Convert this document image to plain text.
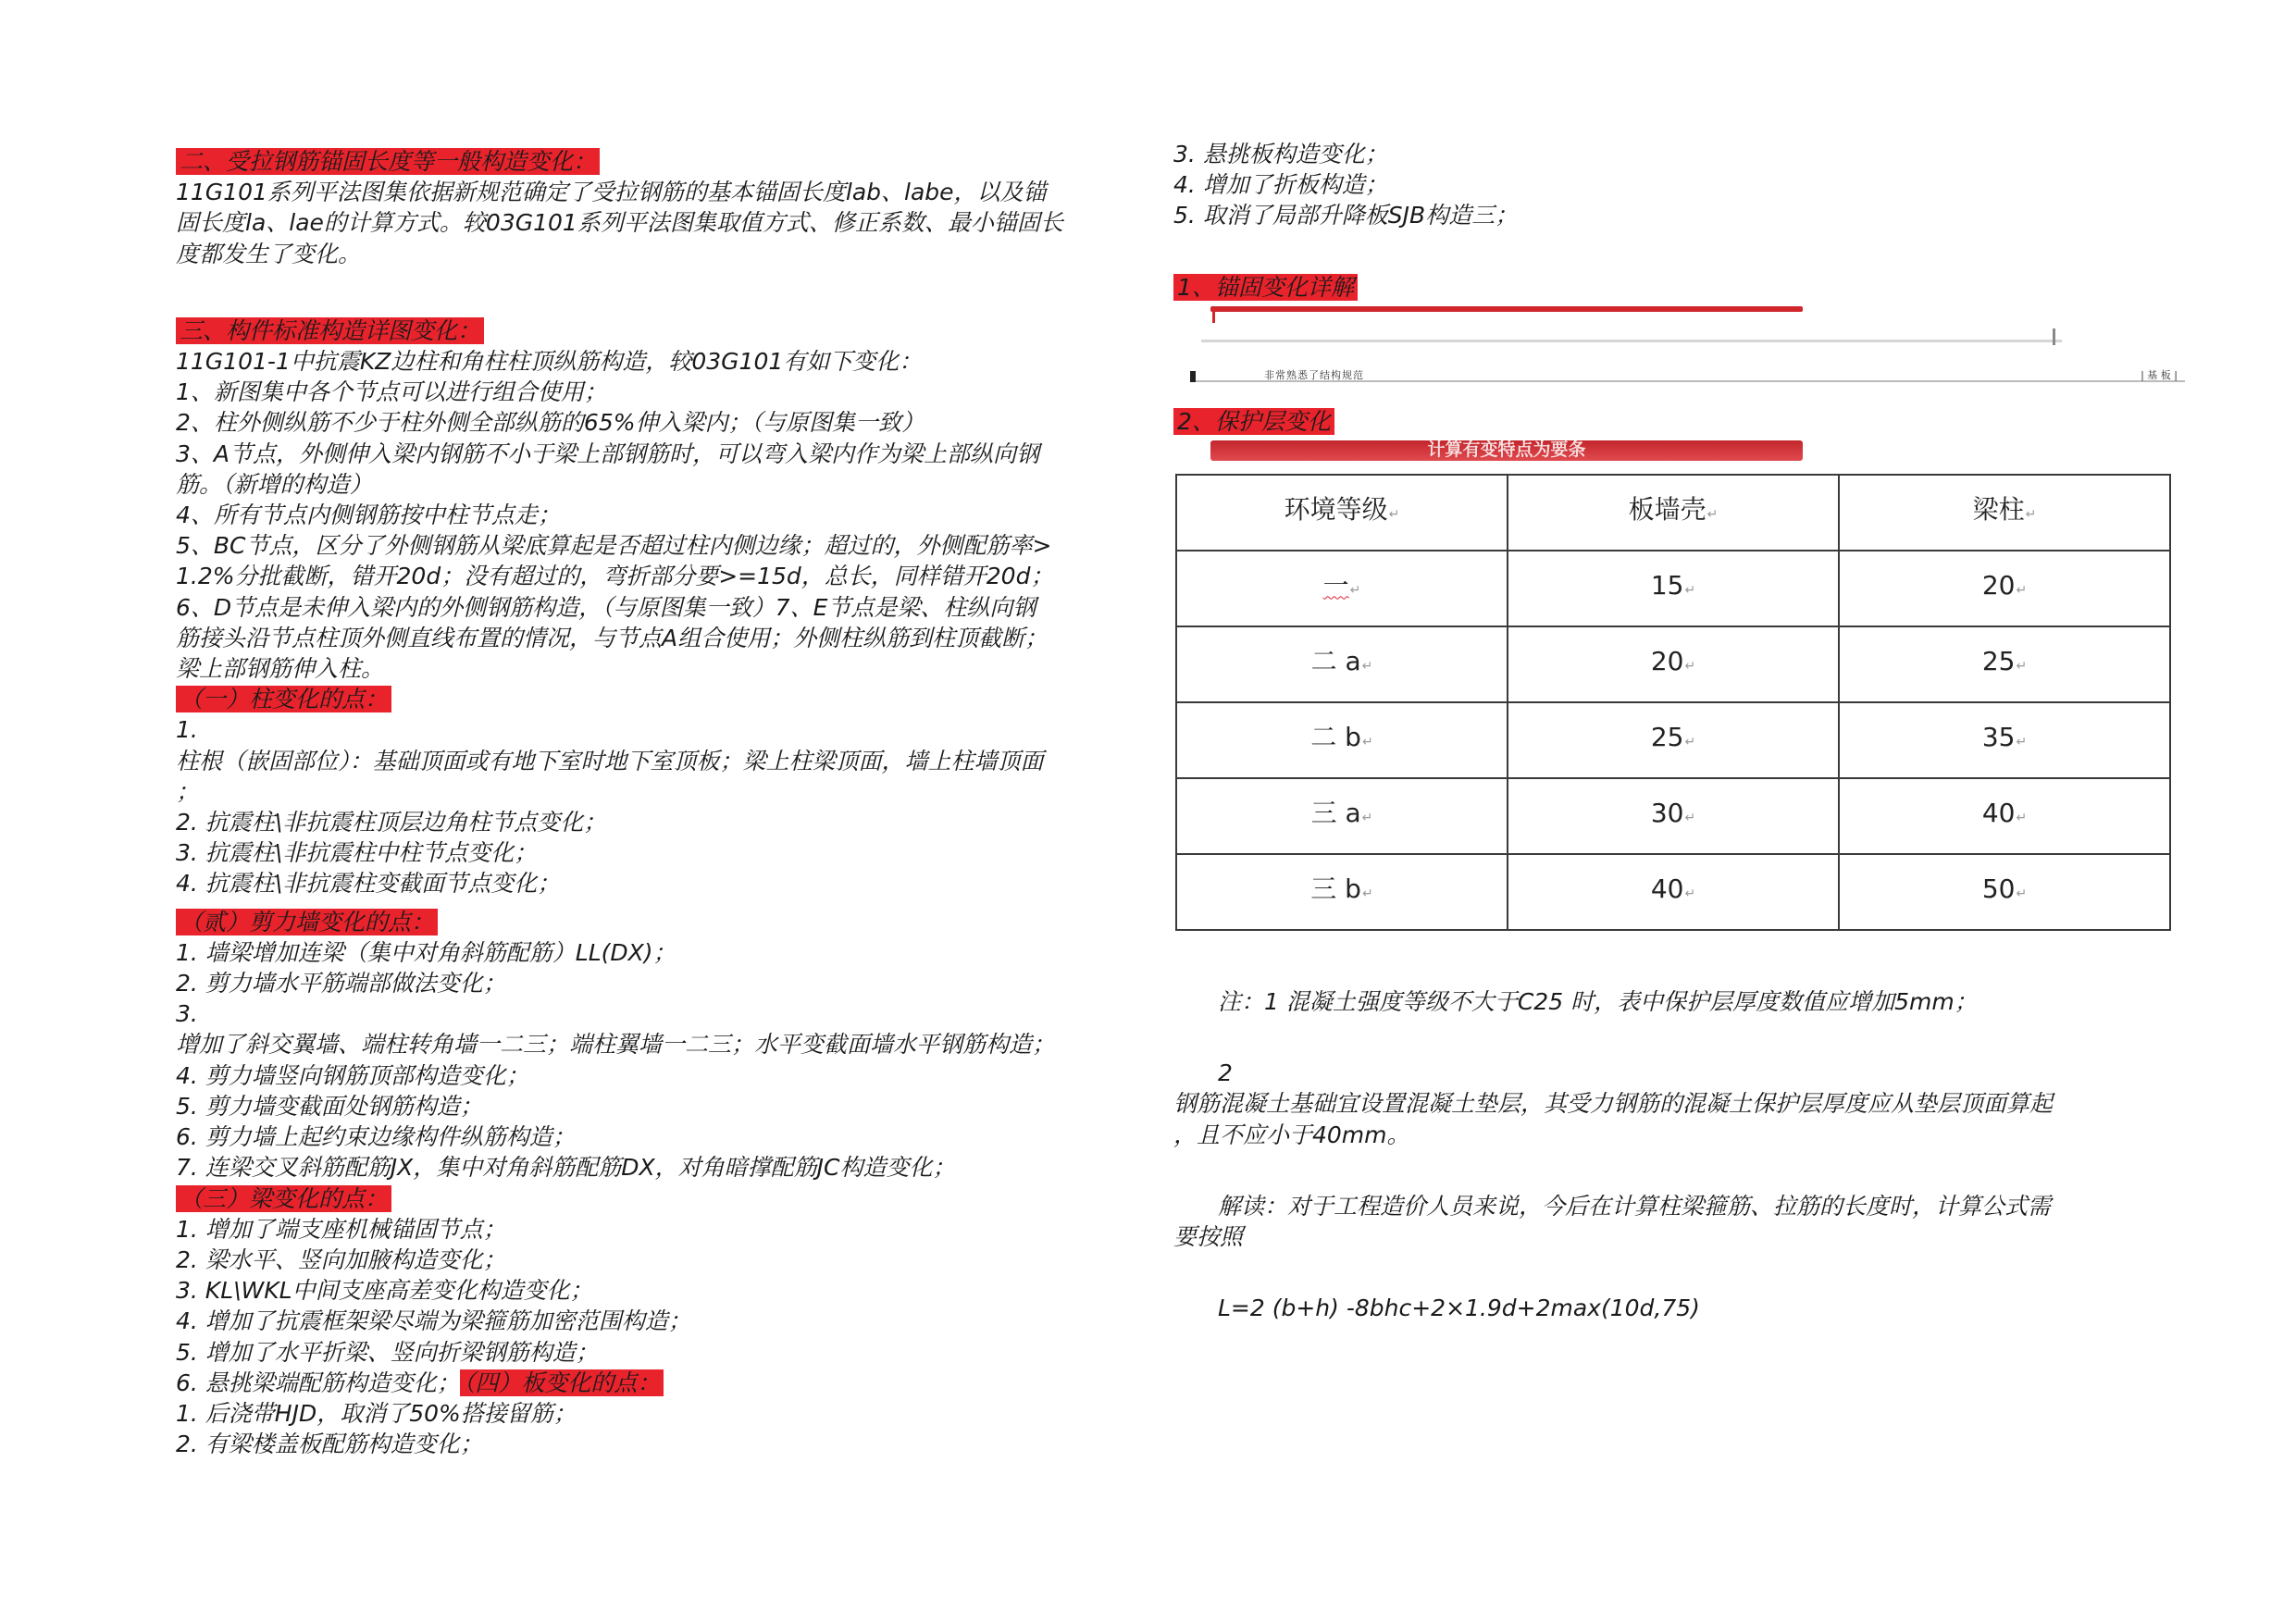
二、受拉钢筋锚固长度等一般构造变化：
11G101系列平法图集依据新规范确定了受拉钢筋的基本锚固长度lab、labe，以及锚
固长度la、lae的计算方式。较03G101系列平法图集取值方式、修正系数、最小锚固长
度都发生了变化。
三、构件标准构造详图变化：
11G101-1中抗震KZ边柱和角柱柱顶纵筋构造，较03G101有如下变化：
1、新图集中各个节点可以进行组合使用；
2、柱外侧纵筋不少于柱外侧全部纵筋的65%伸入梁内；（与原图集一致）
3、A节点，外侧伸入梁内钢筋不小于梁上部钢筋时，可以弯入梁内作为梁上部纵向钢
筋。（新增的构造）
4、所有节点内侧钢筋按中柱节点走；
5、BC节点，区分了外侧钢筋从梁底算起是否超过柱内侧边缘；超过的，外侧配筋率>
1.2%分批截断，错开20d；没有超过的，弯折部分要>=15d，总长，同样错开20d；
6、D节点是未伸入梁内的外侧钢筋构造，（与原图集一致）7、E节点是梁、柱纵向钢
筋接头沿节点柱顶外侧直线布置的情况，与节点A组合使用；外侧柱纵筋到柱顶截断；
梁上部钢筋伸入柱。
（一）柱变化的点：
1.
柱根（嵌固部位）：基础顶面或有地下室时地下室顶板；梁上柱梁顶面，墙上柱墙顶面
；
2. 抗震柱\非抗震柱顶层边角柱节点变化；
3. 抗震柱\非抗震柱中柱节点变化；
4. 抗震柱\非抗震柱变截面节点变化；
（贰）剪力墙变化的点：
1. 墙梁增加连梁（集中对角斜筋配筋）LL(DX)；
2. 剪力墙水平筋端部做法变化；
3.
增加了斜交翼墙、端柱转角墙一二三；端柱翼墙一二三；水平变截面墙水平钢筋构造；
4. 剪力墙竖向钢筋顶部构造变化；
5. 剪力墙变截面处钢筋构造；
6. 剪力墙上起约束边缘构件纵筋构造；
7. 连梁交叉斜筋配筋JX，集中对角斜筋配筋DX，对角暗撑配筋JC构造变化；
（三）梁变化的点：
1. 增加了端支座机械锚固节点；
2. 梁水平、竖向加腋构造变化；
3. KL\WKL中间支座高差变化构造变化；
4. 增加了抗震框架梁尽端为梁箍筋加密范围构造；
5. 增加了水平折梁、竖向折梁钢筋构造；
6. 悬挑梁端配筋构造变化； （四）板变化的点：
1. 后浇带HJD，取消了50%搭接留筋；
2. 有梁楼盖板配筋构造变化；
3. 悬挑板构造变化；
4. 增加了折板构造；
5. 取消了局部升降板SJB构造三；
1、锚固变化详解
非常熟悉了结构规范	| 基 板 |
2、保护层变化
计算有变特点为要条
环境等级↵	板墙壳↵	梁柱↵
一↵	15↵	20↵
二 a↵	20↵	25↵
二 b↵	25↵	35↵
三 a↵	30↵	40↵
三 b↵	40↵	50↵
注：1 混凝土强度等级不大于C25 时，表中保护层厚度数值应增加5mm；
2
钢筋混凝土基础宜设置混凝土垫层，其受力钢筋的混凝土保护层厚度应从垫层顶面算起
，且不应小于40mm。
解读：对于工程造价人员来说，今后在计算柱梁箍筋、拉筋的长度时，计算公式需
要按照
L=2 (b+h) -8bhc+2×1.9d+2max(10d,75)
